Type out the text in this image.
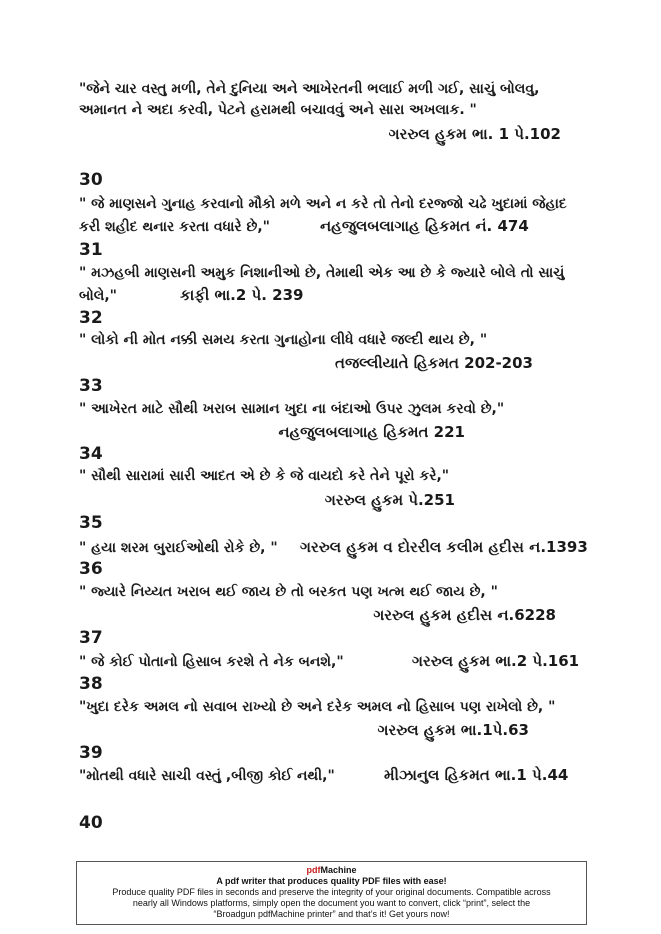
"જેને ચાર વસ્તુ મળી, તેને દુનિયા અને આખેરતની ભલાઈ મળી ગઈ, સાચું બોલવુ,
અમાનત ને અદા કરવી, પેટને હરામથી બચાવવું અને સારા અખલાક. "
ગરરુલ હુકમ ભા. 1 પે.102
30
" જે માણસને ગુનાહ કરવાનો મૌકો મળે અને ન કરે તો તેનો દરજ્જો ચઢે ખુદામાં જેહાદ
કરી શહીદ થનાર કરતા વધારે છે,"	નહજુલબલાગાહ હિકમત નં. 474
31
" મઝહબી માણસની અમુક નિશાનીઓ છે, તેમાથી એક આ છે કે જ્યારે બોલે તો સાચું
બોલે,"	કાફી ભા.2 પે. 239
32
" લોકો ની મોત નક્કી સમય કરતા ગુનાહોના લીધે વધારે જલ્દી થાય છે, "
તજલ્લીયાતે હિકમત 202-203
33
" આખેરત માટે સૌથી ખરાબ સામાન ખુદા ના બંદાઓ ઉપર ઝુલમ કરવો છે,"
નહજુલબલાગાહ હિકમત 221
34
" સૌથી સારામાં સારી આદત એ છે કે જે વાયદો કરે તેને પૂરો કરે,"
ગરરુલ હુકમ પે.251
35
" હયા શરમ બુરાઈઓથી રોકે છે, " ગરરુલ હુકમ વ દોરરીલ કલીમ હદીસ ન.1393
36
" જ્યારે નિય્યત ખરાબ થઈ જાય છે તો બરકત પણ ખત્મ થઈ જાય છે, "
ગરરુલ હુકમ હદીસ ન.6228
37
" જે કોઈ પોતાનો હિસાબ કરશે તે નેક બનશે,"	ગરરુલ હુકમ ભા.2 પે.161
38
"ખુદા દરેક અમલ નો સવાબ રાખ્યો છે અને દરેક અમલ નો હિસાબ પણ રાખેલો છે, "
ગરરુલ હુકમ ભા.1પે.63
39
"મોતથી વધારે સાચી વસ્તું ,બીજી કોઈ નથી,"	મીઝાનુલ હિકમત ભા.1 પે.44
40
pdfMachine
A pdf writer that produces quality PDF files with ease!
Produce quality PDF files in seconds and preserve the integrity of your original documents. Compatible across
nearly all Windows platforms, simply open the document you want to convert, click “print”, select the
“Broadgun pdfMachine printer” and that’s it! Get yours now!
